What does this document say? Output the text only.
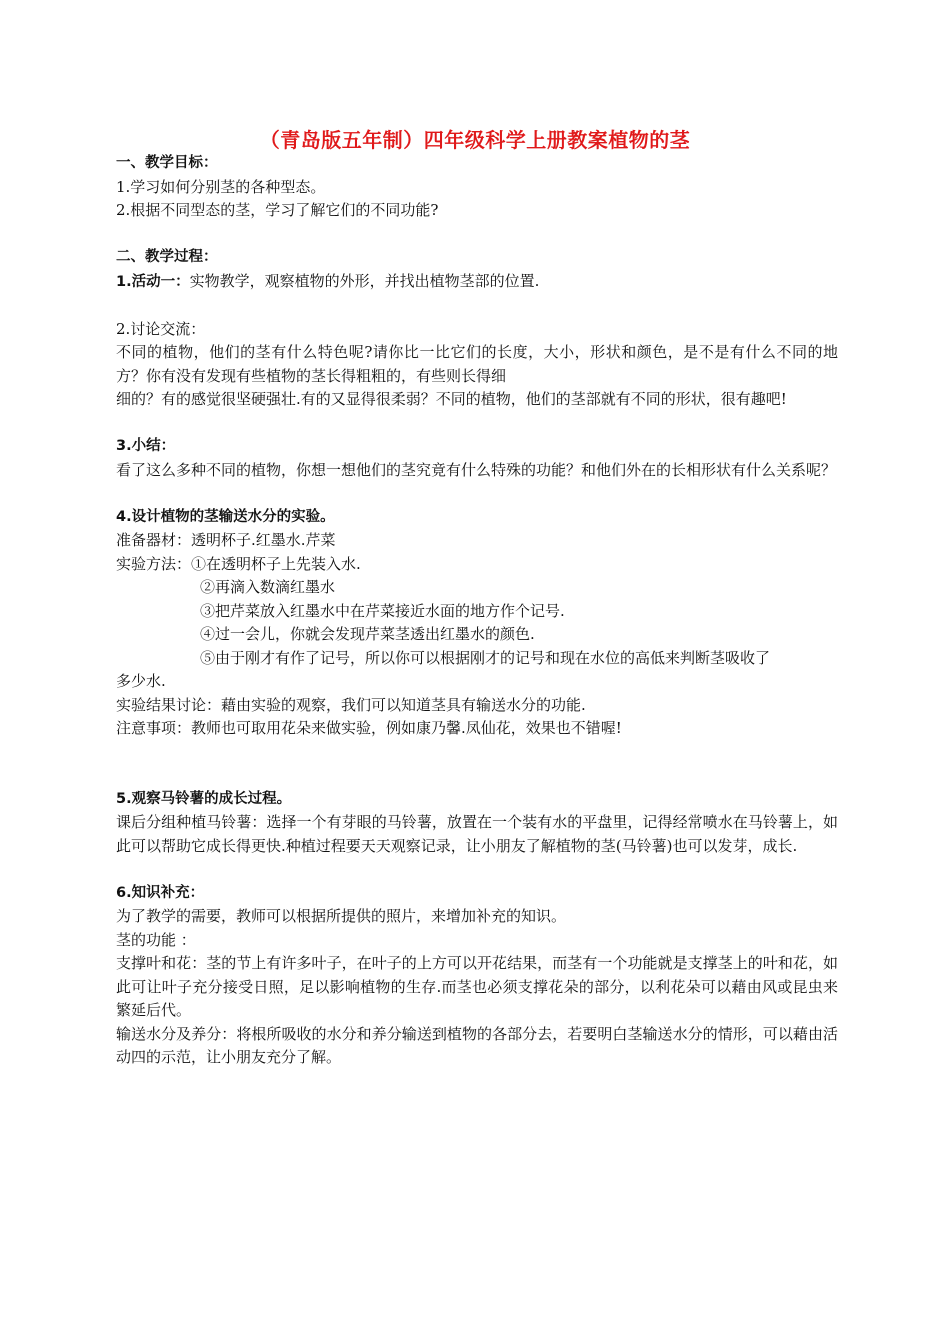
（青岛版五年制）四年级科学上册教案植物的茎

一、教学目标：

1.学习如何分别茎的各种型态。

2.根据不同型态的茎，学习了解它们的不同功能?

二、教学过程：

1.活动一：实物教学，观察植物的外形，并找出植物茎部的位置.

2.讨论交流：

不同的植物，他们的茎有什么特色呢?请你比一比它们的长度，大小，形状和颜色，是不是有什么不同的地方？你有没有发现有些植物的茎长得粗粗的，有些则长得细

细的？有的感觉很坚硬强壮.有的又显得很柔弱？不同的植物，他们的茎部就有不同的形状，很有趣吧!

3.小结：

看了这么多种不同的植物，你想一想他们的茎究竟有什么特殊的功能？和他们外在的长相形状有什么关系呢？

4.设计植物的茎输送水分的实验。

准备器材：透明杯子.红墨水.芹菜

实验方法：①在透明杯子上先装入水.

②再滴入数滴红墨水

③把芹菜放入红墨水中在芹菜接近水面的地方作个记号.

④过一会儿，你就会发现芹菜茎透出红墨水的颜色.

⑤由于刚才有作了记号，所以你可以根据刚才的记号和现在水位的高低来判断茎吸收了

多少水.

实验结果讨论：藉由实验的观察，我们可以知道茎具有输送水分的功能.

注意事项：教师也可取用花朵来做实验，例如康乃馨.凤仙花，效果也不错喔!

5.观察马铃薯的成长过程。

课后分组种植马铃薯：选择一个有芽眼的马铃薯，放置在一个装有水的平盘里，记得经常喷水在马铃薯上，如此可以帮助它成长得更快.种植过程要天天观察记录，让小朋友了解植物的茎(马铃薯)也可以发芽，成长.

6.知识补充：

为了教学的需要，教师可以根据所提供的照片，来增加补充的知识。

茎的功能 ：

支撑叶和花：茎的节上有许多叶子，在叶子的上方可以开花结果，而茎有一个功能就是支撑茎上的叶和花，如此可让叶子充分接受日照，足以影响植物的生存.而茎也必须支撑花朵的部分，以利花朵可以藉由风或昆虫来繁延后代。

输送水分及养分：将根所吸收的水分和养分输送到植物的各部分去，若要明白茎输送水分的情形，可以藉由活动四的示范，让小朋友充分了解。
